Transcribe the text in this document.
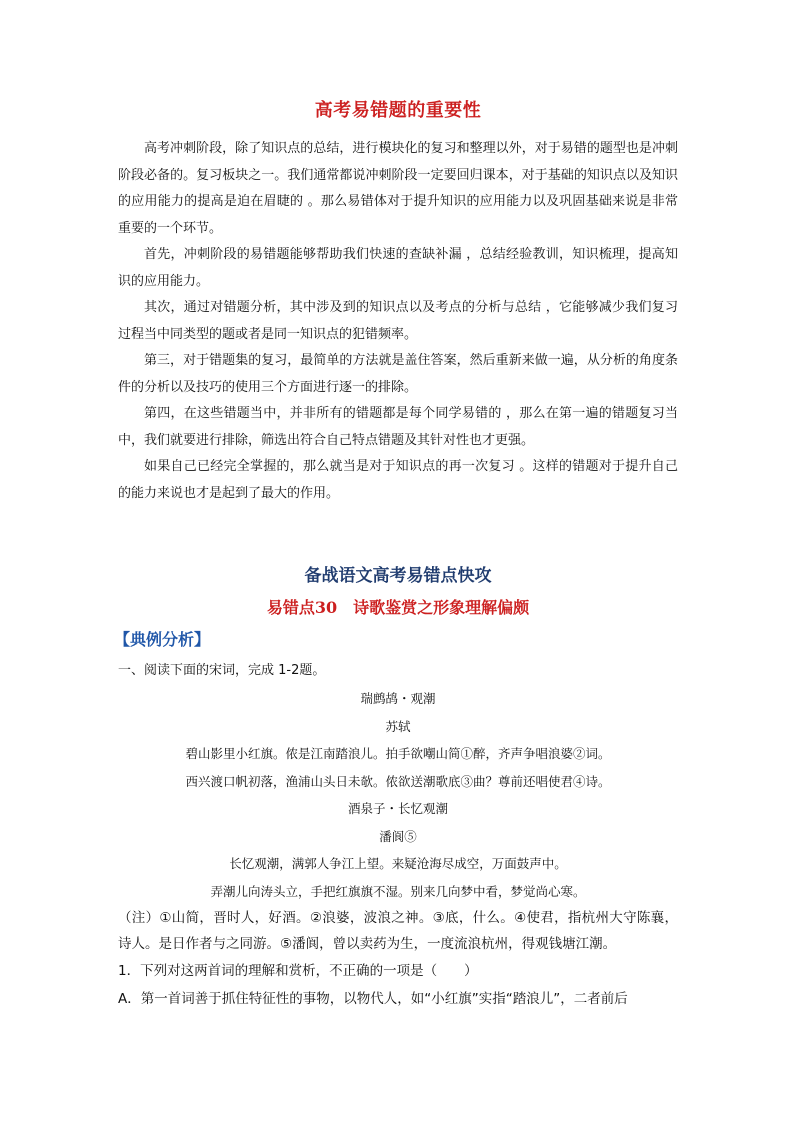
高考易错题的重要性

高考冲刺阶段，除了知识点的总结，进行模块化的复习和整理以外，对于易错的题型也是冲刺阶段必备的。复习板块之一。我们通常都说冲刺阶段一定要回归课本，对于基础的知识点以及知识的应用能力的提高是迫在眉睫的 。那么易错体对于提升知识的应用能力以及巩固基础来说是非常重要的一个环节。

首先，冲刺阶段的易错题能够帮助我们快速的查缺补漏 ，总结经验教训，知识梳理，提高知识的应用能力。

其次，通过对错题分析，其中涉及到的知识点以及考点的分析与总结 ，它能够减少我们复习过程当中同类型的题或者是同一知识点的犯错频率。

第三，对于错题集的复习，最简单的方法就是盖住答案，然后重新来做一遍，从分析的角度条件的分析以及技巧的使用三个方面进行逐一的排除。

第四，在这些错题当中，并非所有的错题都是每个同学易错的 ，那么在第一遍的错题复习当中，我们就要进行排除，筛选出符合自己特点错题及其针对性也才更强。

如果自己已经完全掌握的，那么就当是对于知识点的再一次复习 。这样的错题对于提升自己的能力来说也才是起到了最大的作用。

备战语文高考易错点快攻
易错点30　诗歌鉴赏之形象理解偏颇
【典例分析】

一、阅读下面的宋词，完成 1-2题。

瑞鹧鸪・观潮

苏轼

碧山影里小红旗。侬是江南踏浪儿。拍手欲嘲山简①醉，齐声争唱浪婆②词。

西兴渡口帆初落，渔浦山头日未欹。侬欲送潮歌底③曲？尊前还唱使君④诗。

酒泉子・长忆观潮

潘阆⑤

长忆观潮，满郭人争江上望。来疑沧海尽成空，万面鼓声中。

弄潮儿向涛头立，手把红旗旗不湿。别来几向梦中看，梦觉尚心寒。

（注）①山简，晋时人，好酒。②浪婆，波浪之神。③底，什么。④使君，指杭州大守陈襄，诗人。是日作者与之同游。⑤潘阆，曾以卖药为生，一度流浪杭州，得观钱塘江潮。

1．下列对这两首词的理解和赏析，不正确的一项是（　　）

A．第一首词善于抓住特征性的事物，以物代人，如“小红旗”实指“踏浪儿”，二者前后
